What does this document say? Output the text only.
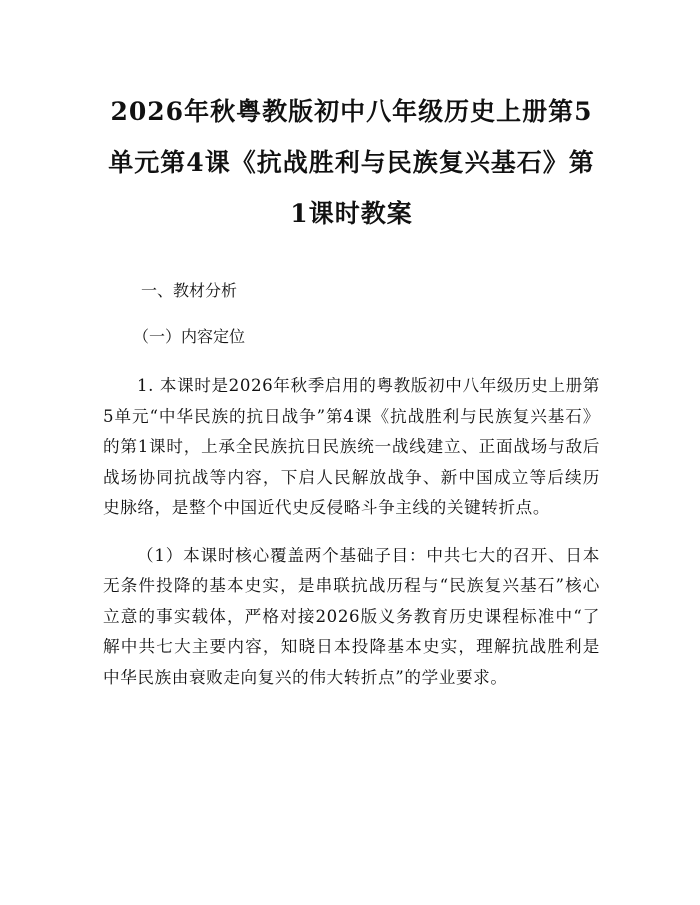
2026年秋粤教版初中八年级历史上册第5单元第4课《抗战胜利与民族复兴基石》第1课时教案
一、教材分析
（一）内容定位

1. 本课时是2026年秋季启用的粤教版初中八年级历史上册第5单元“中华民族的抗日战争”第4课《抗战胜利与民族复兴基石》的第1课时，上承全民族抗日民族统一战线建立、正面战场与敌后战场协同抗战等内容，下启人民解放战争、新中国成立等后续历史脉络，是整个中国近代史反侵略斗争主线的关键转折点。

（1）本课时核心覆盖两个基础子目：中共七大的召开、日本无条件投降的基本史实，是串联抗战历程与“民族复兴基石”核心立意的事实载体，严格对接2026版义务教育历史课程标准中“了解中共七大主要内容，知晓日本投降基本史实，理解抗战胜利是中华民族由衰败走向复兴的伟大转折点”的学业要求。
